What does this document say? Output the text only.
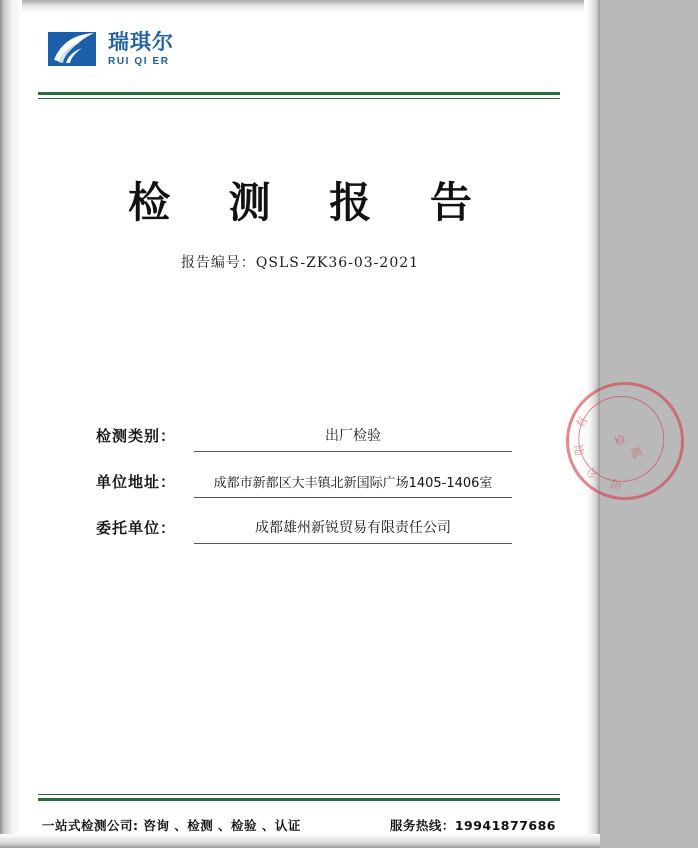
瑞琪尔
RUI QI ER
检 测 报 告
报告编号：QSLS-ZK36-03-2021
检测类别：	出厂检验
单位地址：	成都市新都区大丰镇北新国际广场1405-1406室
委托单位：	成都雄州新锐贸易有限责任公司
有
限
公
司
检
测
一站式检测公司: 咨询 、检测 、检验 、认证	服务热线：19941877686
